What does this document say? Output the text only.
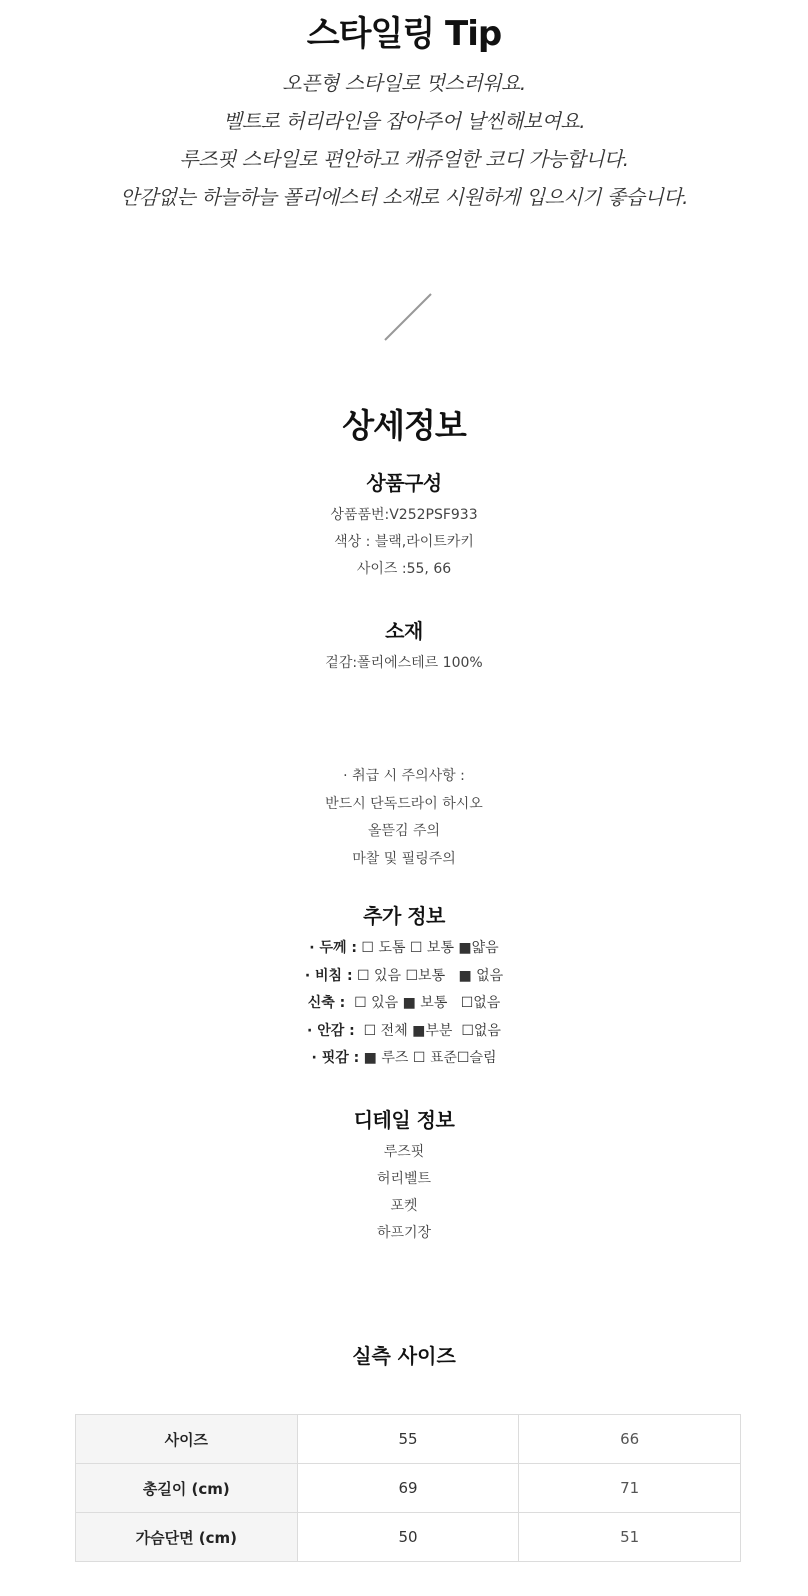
스타일링 Tip
오픈형 스타일로 멋스러워요.
벨트로 허리라인을 잡아주어 날씬해보여요.
루즈핏 스타일로 편안하고 캐쥬얼한 코디 가능합니다.
안감없는 하늘하늘 폴리에스터 소재로 시원하게 입으시기 좋습니다.
상세정보
상품구성
상품품번:V252PSF933
색상 : 블랙,라이트카키
사이즈 :55, 66
소재
겉감:폴리에스테르 100%
· 취급 시 주의사항 :
반드시 단독드라이 하시오
올뜯김 주의
마찰 및 필링주의
추가 정보
· 두께 : ☐ 도톰 ☐ 보통 ■얇음
· 비침 : ☐ 있음 ☐보통   ■ 없음
신축 :  ☐ 있음 ■ 보통   ☐없음
· 안감 :  ☐ 전체 ■부분  ☐없음
· 핏감 : ■ 루즈 ☐ 표준☐슬림
디테일 정보
루즈핏
허리벨트
포켓
하프기장
실측 사이즈
사이즈	55	66
총길이 (cm)	69	71
가슴단면 (cm)	50	51
